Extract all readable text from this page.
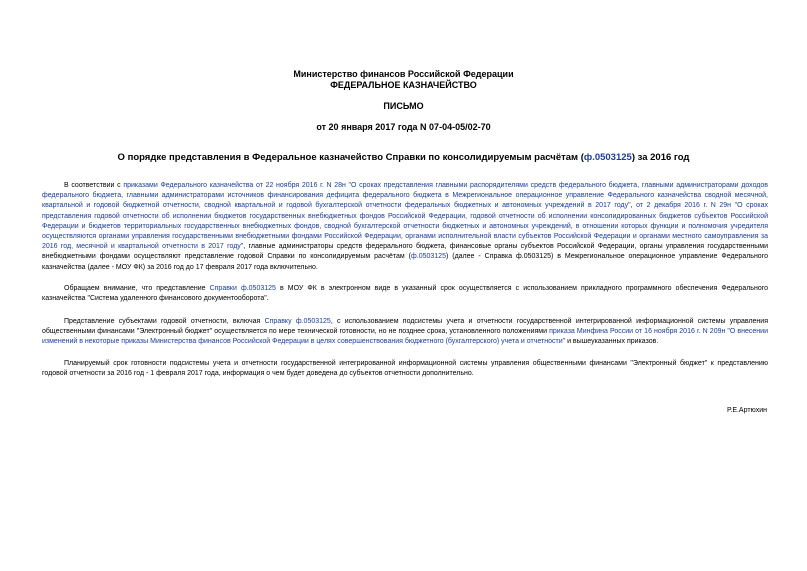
Министерство финансов Российской Федерации
ФЕДЕРАЛЬНОЕ КАЗНАЧЕЙСТВО
ПИСЬМО
от 20 января 2017 года N 07-04-05/02-70
О порядке представления в Федеральное казначейство Справки по консолидируемым расчётам (ф.0503125) за 2016 год

В соответствии с приказами Федерального казначейства от 22 ноября 2016 г. N 28н "О сроках представления главными распорядителями средств федерального бюджета, главными администраторами доходов федерального бюджета, главными администраторами источников финансирования дефицита федерального бюджета в Межрегиональное операционное управление Федерального казначейства сводной месячной, квартальной и годовой бюджетной отчетности, сводной квартальной и годовой бухгалтерской отчетности федеральных бюджетных и автономных учреждений в 2017 году", от 2 декабря 2016 г. N 29н "О сроках представления годовой отчетности об исполнении бюджетов государственных внебюджетных фондов Российской Федерации, годовой отчетности об исполнении консолидированных бюджетов субъектов Российской Федерации и бюджетов территориальных государственных внебюджетных фондов, сводной бухгалтерской отчетности бюджетных и автономных учреждений, в отношении которых функции и полномочия учредителя осуществляются органами управления государственными внебюджетными фондами Российской Федерации, органами исполнительной власти субъектов Российской Федерации и органами местного самоуправления за 2016 год, месячной и квартальной отчетности в 2017 году", главные администраторы средств федерального бюджета, финансовые органы субъектов Российской Федерации, органы управления государственными внебюджетными фондами осуществляют представление годовой Справки по консолидируемым расчётам (ф.0503125) (далее - Справка ф.0503125) в Межрегиональное операционное управление Федерального казначейства (далее - МОУ ФК) за 2016 год до 17 февраля 2017 года включительно.

Обращаем внимание, что представление Справки ф.0503125 в МОУ ФК в электронном виде в указанный срок осуществляется с использованием прикладного программного обеспечения Федерального казначейства "Система удаленного финансового документооборота".

Представление субъектами годовой отчетности, включая Справку ф.0503125, с использованием подсистемы учета и отчетности государственной интегрированной информационной системы управления общественными финансами "Электронный бюджет" осуществляется по мере технической готовности, но не позднее срока, установленного положениями приказа Минфина России от 16 ноября 2016 г. N 209н "О внесении изменений в некоторые приказы Министерства финансов Российской Федерации в целях совершенствования бюджетного (бухгалтерского) учета и отчетности" и вышеуказанных приказов.

Планируемый срок готовности подсистемы учета и отчетности государственной интегрированной информационной системы управления общественными финансами "Электронный бюджет" к представлению годовой отчетности за 2016 год - 1 февраля 2017 года, информация о чем будет доведена до субъектов отчетности дополнительно.

Р.Е.Артюхин
